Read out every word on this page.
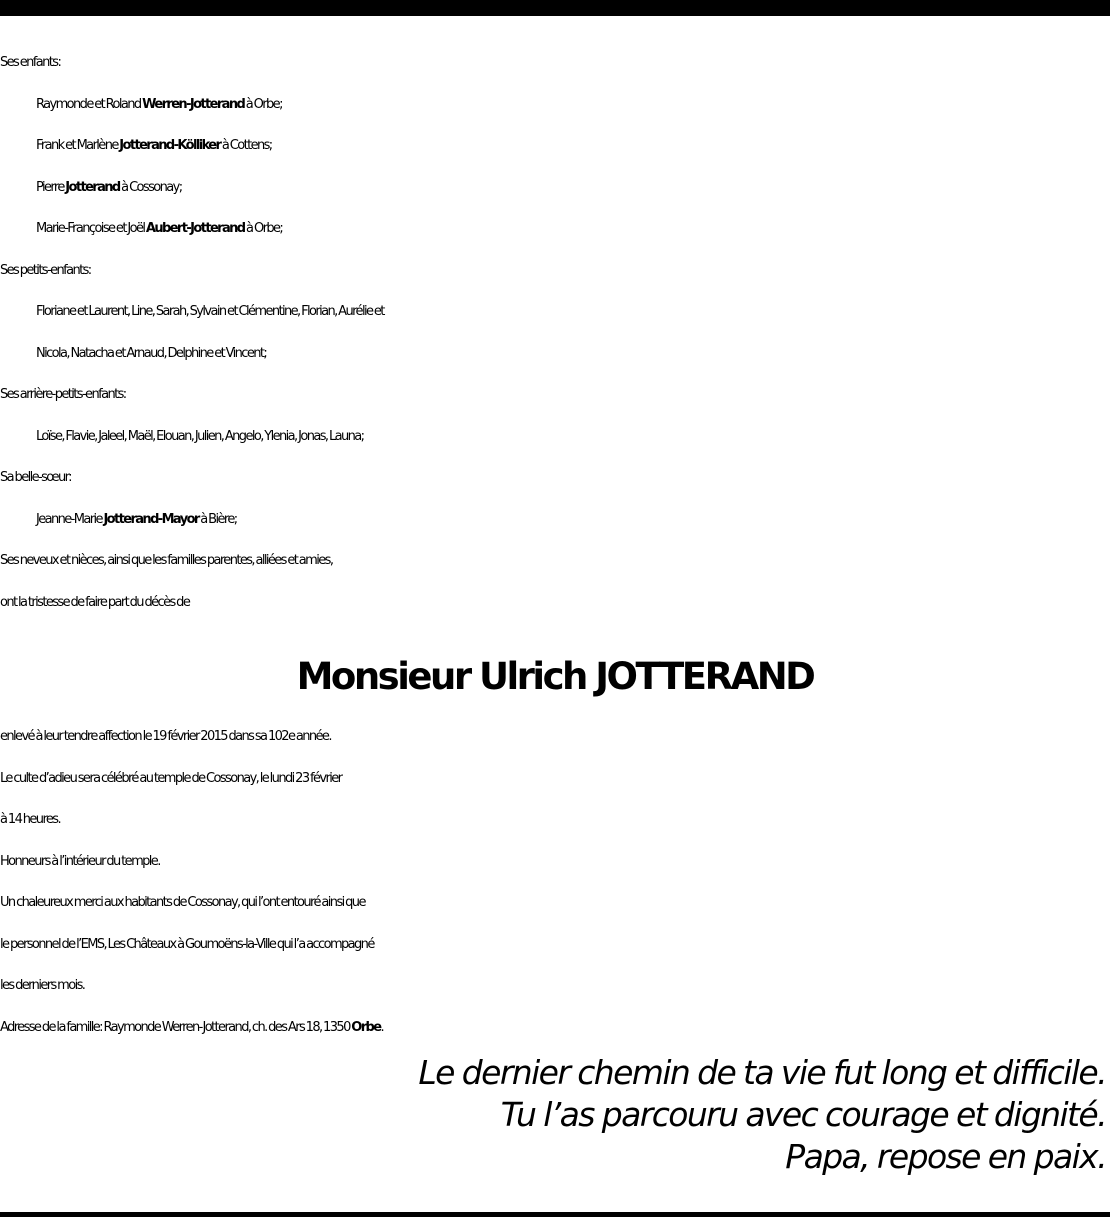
Ses enfants:
Raymonde et Roland Werren-Jotterand à Orbe;
Frank et Marlène Jotterand-Kölliker à Cottens;
Pierre Jotterand à Cossonay;
Marie-Françoise et Joël Aubert-Jotterand à Orbe;
Ses petits-enfants:
Floriane et Laurent, Line, Sarah, Sylvain et Clémentine, Florian, Aurélie et
Nicola, Natacha et Arnaud, Delphine et Vincent;
Ses arrière-petits-enfants:
Loïse, Flavie, Jaleel, Maël, Elouan, Julien, Angelo, Ylenia, Jonas, Launa;
Sa belle-sœur:
Jeanne-Marie Jotterand-Mayor à Bière;
Ses neveux et nièces, ainsi que les familles parentes, alliées et amies,
ont la tristesse de faire part du décès de
Monsieur Ulrich JOTTERAND
enlevé à leur tendre affection le 19 février 2015 dans sa 102e année.
Le culte d’adieu sera célébré au temple de Cossonay, le lundi 23 février
à 14 heures.
Honneurs à l’intérieur du temple.
Un chaleureux merci aux habitants de Cossonay, qui l’ont entouré ainsi que
le personnel de l’EMS, Les Châteaux à Goumoëns-la-Ville qui l’a accompagné
les derniers mois.
Adresse de la famille: Raymonde Werren-Jotterand, ch. des Ars 18, 1350 Orbe.
Le dernier chemin de ta vie fut long et difficile.
Tu l’as parcouru avec courage et dignité.
Papa, repose en paix.
